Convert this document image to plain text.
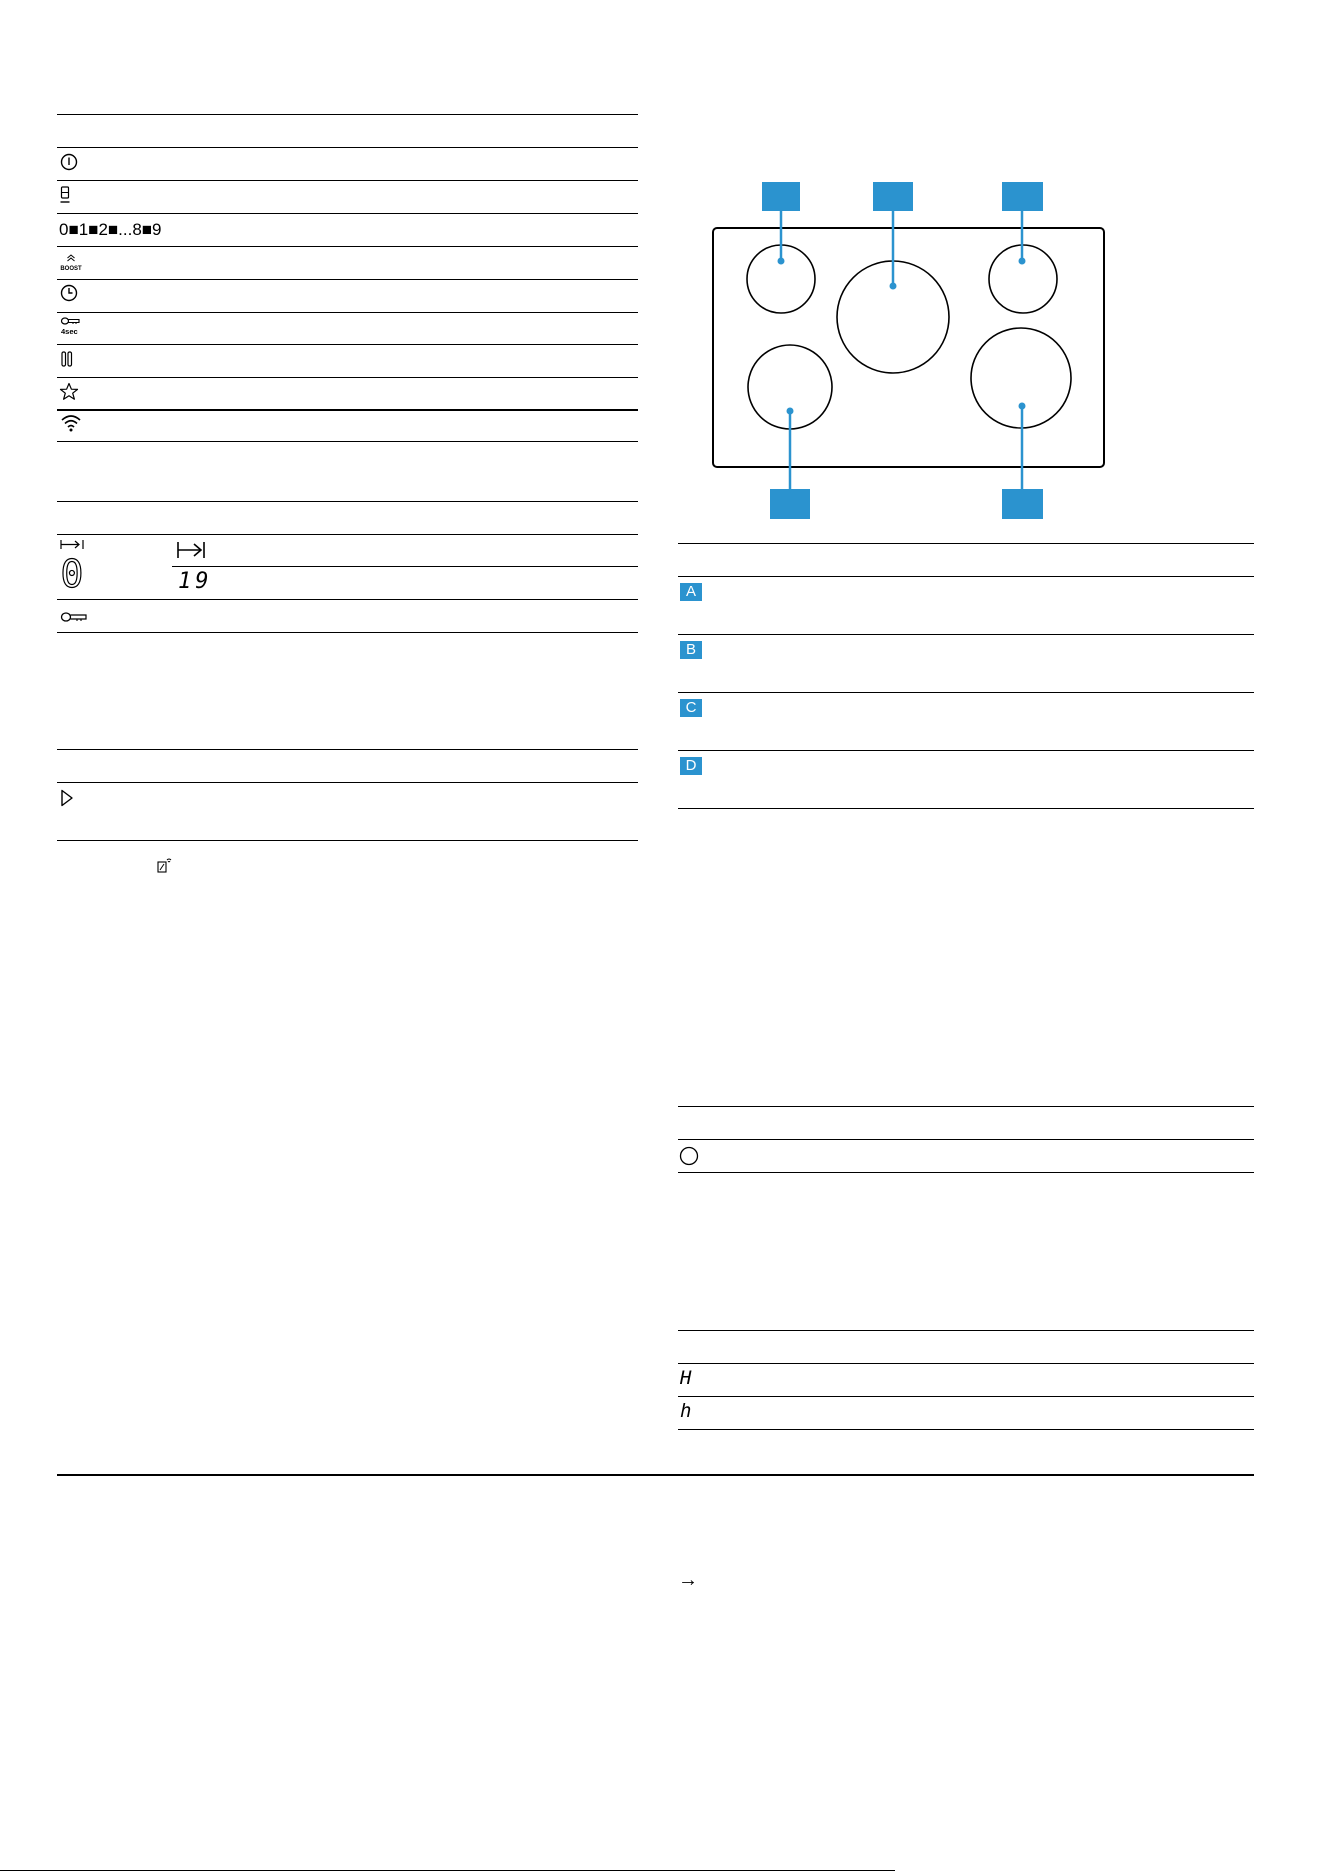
0■1■2■...8■9
BOOST
4sec
0	19	A
B
C
D
H
h
→
